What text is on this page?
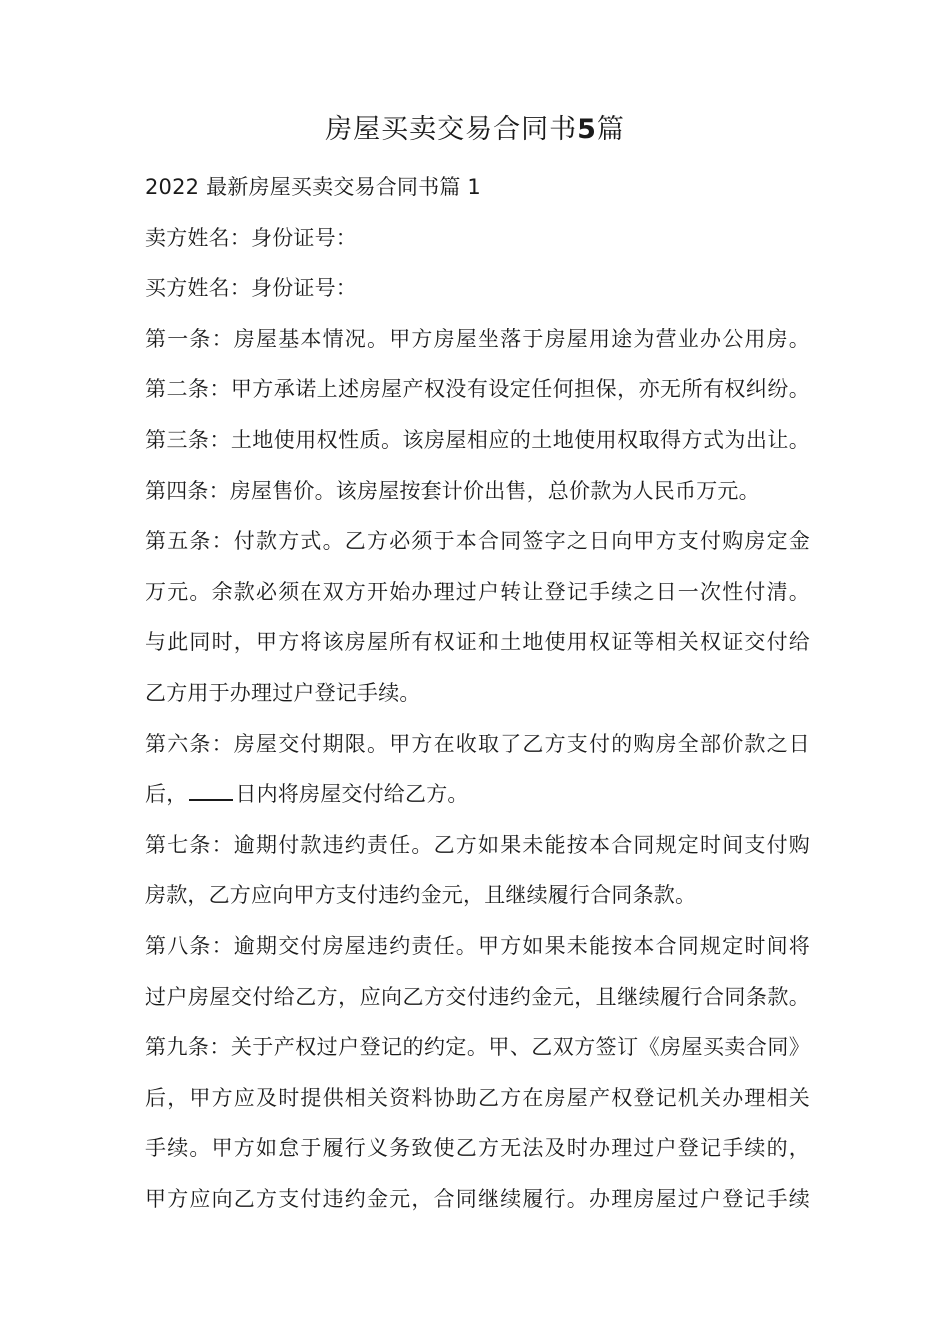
房屋买卖交易合同书5篇
2022 最新房屋买卖交易合同书篇 1
卖方姓名：身份证号：
买方姓名：身份证号：
第一条：房屋基本情况。甲方房屋坐落于房屋用途为营业办公用房。
第二条：甲方承诺上述房屋产权没有设定任何担保，亦无所有权纠纷。
第三条：土地使用权性质。该房屋相应的土地使用权取得方式为出让。
第四条：房屋售价。该房屋按套计价出售，总价款为人民币万元。
第五条：付款方式。乙方必须于本合同签字之日向甲方支付购房定金
万元。余款必须在双方开始办理过户转让登记手续之日一次性付清。
与此同时，甲方将该房屋所有权证和土地使用权证等相关权证交付给
乙方用于办理过户登记手续。
第六条：房屋交付期限。甲方在收取了乙方支付的购房全部价款之日
后， 日内将房屋交付给乙方。
第七条：逾期付款违约责任。乙方如果未能按本合同规定时间支付购
房款，乙方应向甲方支付违约金元，且继续履行合同条款。
第八条：逾期交付房屋违约责任。甲方如果未能按本合同规定时间将
过户房屋交付给乙方，应向乙方交付违约金元，且继续履行合同条款。
第九条：关于产权过户登记的约定。甲、乙双方签订《房屋买卖合同》
后，甲方应及时提供相关资料协助乙方在房屋产权登记机关办理相关
手续。甲方如怠于履行义务致使乙方无法及时办理过户登记手续的，
甲方应向乙方支付违约金元，合同继续履行。办理房屋过户登记手续
